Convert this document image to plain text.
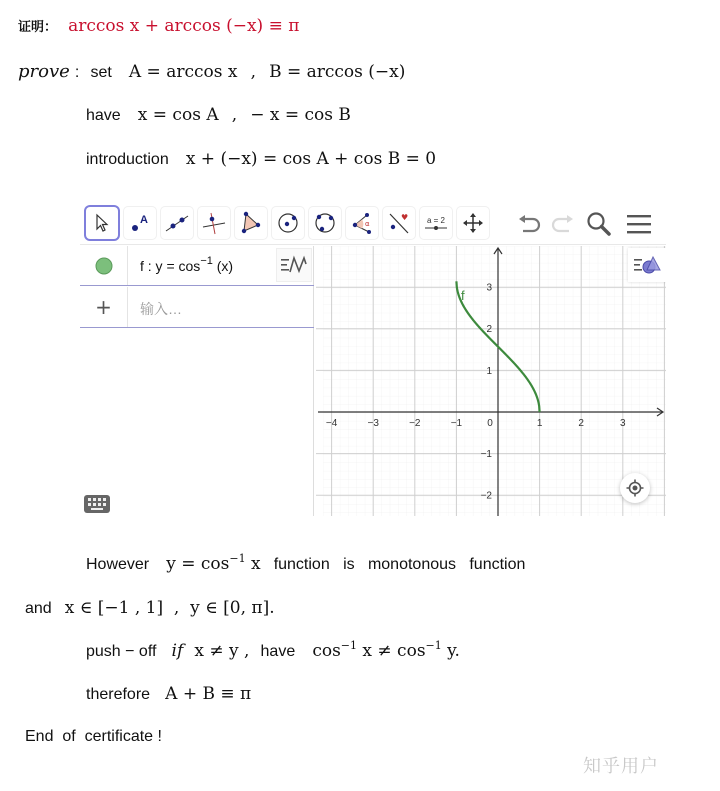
证明： arccos x + arccos (−x) ≡ π
prove : set A = arccos x , B = arccos (−x)
have x = cos A , − x = cos B
introduction x + (−x) = cos A + cos B = 0
A	α
♥ a = 2
f : $y = \cos^{-1} (x)$
+ 输入…
−4	−3	−2	−1	0	1	2	3
3
2
1
−1
−2
f
However $y = \cos^{-1} x$ function   is   monotonous   function
and x ∈ [−1 , 1]  ,  y ∈ [0, π].
push − off if x ≠ y , have $\cos^{-1} x \ne \cos^{-1} y$.
therefore A + B ≡ π
End  of  certificate !
知乎用户
